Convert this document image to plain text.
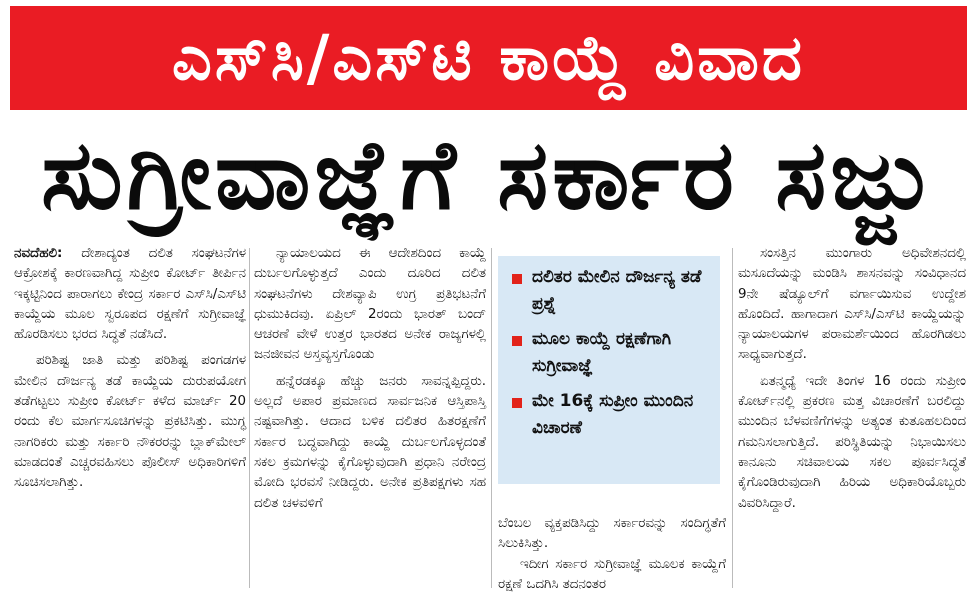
ಎಸ್‌ಸಿ/ಎಸ್‌ಟಿ ಕಾಯ್ದೆ ವಿವಾದ
ಸುಗ್ರೀವಾಜ್ಞೆಗೆ ಸರ್ಕಾರ ಸಜ್ಜು

ನವದೆಹಲಿ: ದೇಶಾದ್ಯಂತ ದಲಿತ ಸಂಘಟನೆಗಳ ಆಕ್ರೋಶಕ್ಕೆ ಕಾರಣವಾಗಿದ್ದ ಸುಪ್ರೀಂ ಕೋರ್ಟ್ ತೀರ್ಪಿನ ಇಕ್ಕಟ್ಟಿನಿಂದ ಪಾರಾಗಲು ಕೇಂದ್ರ ಸರ್ಕಾರ ಎಸ್‌ಸಿ/ಎಸ್‌ಟಿ ಕಾಯ್ದೆಯ ಮೂಲ ಸ್ವರೂಪದ ರಕ್ಷಣೆಗೆ ಸುಗ್ರೀವಾಜ್ಞೆ ಹೊರಡಿಸಲು ಭರದ ಸಿದ್ಧತೆ ನಡೆಸಿದೆ.

ಪರಿಶಿಷ್ಟ ಜಾತಿ ಮತ್ತು ಪರಿಶಿಷ್ಟ ಪಂಗಡಗಳ ಮೇಲಿನ ದೌರ್ಜನ್ಯ ತಡೆ ಕಾಯ್ದೆಯ ದುರುಪಯೋಗ ತಡೆಗಟ್ಟಲು ಸುಪ್ರೀಂ ಕೋರ್ಟ್ ಕಳೆದ ಮಾರ್ಚ್ 20 ರಂದು ಕೆಲ ಮಾರ್ಗಸೂಚಿಗಳನ್ನು ಪ್ರಕಟಿಸಿತ್ತು. ಮುಗ್ಧ ನಾಗರಿಕರು ಮತ್ತು ಸರ್ಕಾರಿ ನೌಕರರನ್ನು ಬ್ಲಾಕ್‌ಮೇಲ್ ಮಾಡದಂತೆ ಎಚ್ಚರವಹಿಸಲು ಪೊಲೀಸ್ ಅಧಿಕಾರಿಗಳಿಗೆ ಸೂಚಿಸಲಾಗಿತ್ತು.

ನ್ಯಾಯಾಲಯದ ಈ ಆದೇಶದಿಂದ ಕಾಯ್ದೆ ದುರ್ಬಲಗೊಳ್ಳುತ್ತದೆ ಎಂದು ದೂರಿದ ದಲಿತ ಸಂಘಟನೆಗಳು ದೇಶವ್ಯಾಪಿ ಉಗ್ರ ಪ್ರತಿಭಟನೆಗೆ ಧುಮುಕಿದವು. ಏಪ್ರಿಲ್ 2ರಂದು ಭಾರತ್ ಬಂದ್ ಆಚರಣೆ ವೇಳೆ ಉತ್ತರ ಭಾರತದ ಅನೇಕ ರಾಜ್ಯಗಳಲ್ಲಿ ಜನಜೀವನ ಅಸ್ತವ್ಯಸ್ತಗೊಂಡು

ಹನ್ನೆರಡಕ್ಕೂ ಹೆಚ್ಚು ಜನರು ಸಾವನ್ನಪ್ಪಿದ್ದರು. ಅಲ್ಲದೆ ಅಪಾರ ಪ್ರಮಾಣದ ಸಾರ್ವಜನಿಕ ಆಸ್ತಿಪಾಸ್ತಿ ನಷ್ಟವಾಗಿತ್ತು. ಆದಾದ ಬಳಿಕ ದಲಿತರ ಹಿತರಕ್ಷಣೆಗೆ ಸರ್ಕಾರ ಬದ್ಧವಾಗಿದ್ದು ಕಾಯ್ದೆ ದುರ್ಬಲಗೊಳ್ಳದಂತೆ ಸಕಲ ಕ್ರಮಗಳನ್ನು ಕೈಗೊಳ್ಳುವುದಾಗಿ ಪ್ರಧಾನಿ ನರೇಂದ್ರ ಮೋದಿ ಭರವಸೆ ನೀಡಿದ್ದರು. ಅನೇಕ ಪ್ರತಿಪಕ್ಷಗಳು ಸಹ ದಲಿತ ಚಳವಳಿಗೆ

ದಲಿತರ ಮೇಲಿನ ದೌರ್ಜನ್ಯ ತಡೆ ಪ್ರಶ್ನೆ
ಮೂಲ ಕಾಯ್ದೆ ರಕ್ಷಣೆಗಾಗಿ ಸುಗ್ರೀವಾಜ್ಞೆ
ಮೇ 16ಕ್ಕೆ ಸುಪ್ರೀಂ ಮುಂದಿನ ವಿಚಾರಣೆ

ಬೆಂಬಲ ವ್ಯಕ್ತಪಡಿಸಿದ್ದು ಸರ್ಕಾರವನ್ನು ಸಂದಿಗ್ಧತೆಗೆ ಸಿಲುಕಿಸಿತ್ತು.

ಇದೀಗ ಸರ್ಕಾರ ಸುಗ್ರೀವಾಜ್ಞೆ ಮೂಲಕ ಕಾಯ್ದೆಗೆ ರಕ್ಷಣೆ ಒದಗಿಸಿ ತದನಂತರ

ಸಂಸತ್ತಿನ ಮುಂಗಾರು ಅಧಿವೇಶನದಲ್ಲಿ ಮಸೂದೆಯನ್ನು ಮಂಡಿಸಿ ಶಾಸನವನ್ನು ಸಂವಿಧಾನದ 9ನೇ ಷೆಡ್ಯೂಲ್‌ಗೆ ವರ್ಗಾಯಿಸುವ ಉದ್ದೇಶ ಹೊಂದಿದೆ. ಹಾಗಾದಾಗ ಎಸ್‌ಸಿ/ಎಸ್‌ಟಿ ಕಾಯ್ದೆಯನ್ನು ನ್ಯಾಯಾಲಯಗಳ ಪರಾಮರ್ಶೆಯಿಂದ ಹೊರಗಿಡಲು ಸಾಧ್ಯವಾಗುತ್ತದೆ.

ಏತನ್ಮಧ್ಯೆ ಇದೇ ತಿಂಗಳ 16 ರಂದು ಸುಪ್ರೀಂ ಕೋರ್ಟ್‌ನಲ್ಲಿ ಪ್ರಕರಣ ಮತ್ತ ವಿಚಾರಣೆಗೆ ಬರಲಿದ್ದು ಮುಂದಿನ ಬೆಳವಣಿಗೆಗಳನ್ನು ಅತ್ಯಂತ ಕುತೂಹಲದಿಂದ ಗಮನಿಸಲಾಗುತ್ತಿದೆ. ಪರಿಸ್ಥಿತಿಯನ್ನು ನಿಭಾಯಿಸಲು ಕಾನೂನು ಸಚಿವಾಲಯ ಸಕಲ ಪೂರ್ವಸಿದ್ಧತೆ ಕೈಗೊಂಡಿರುವುದಾಗಿ ಹಿರಿಯ ಅಧಿಕಾರಿಯೊಬ್ಬರು ವಿವರಿಸಿದ್ದಾರೆ.
